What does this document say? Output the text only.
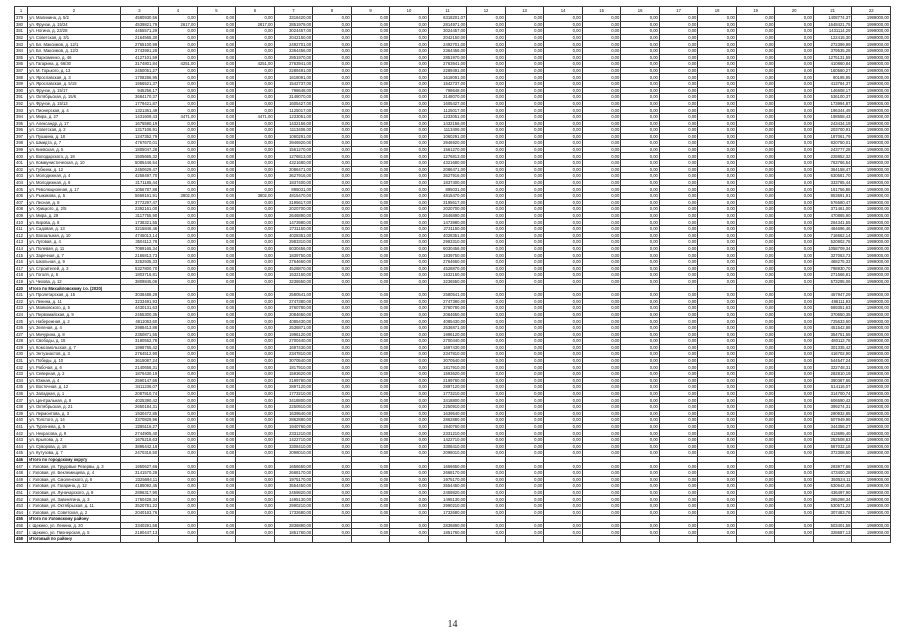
1	2	3	4	5	6	7	8	9	10	11	12	13	14	15	16	17	18	19	20	21	22
379	ул. Малинина, д. 5/2	4580930,56	0,00	0,00	0,00	3316420,00	0,00	0,00	0,00	6318201,07	0,00	0,00	0,00	0,00	0,00	0,00	0,00	0,00	0,00	1408774,37	1999000,00
380	ул. Фрунзе, д. 15/24	4539821,79	2617,00	0,00	2817,00	2851979,00	0,00	0,00	0,00	2814971,00	0,00	0,00	0,00	0,00	0,00	0,00	0,00	0,00	0,00	1648421,75	1999000,00
381	ул. Ногина, д. 23/28	4455571,29	0,00	0,00	0,00	3024457,00	0,00	0,00	0,00	3024457,00	0,00	0,00	0,00	0,00	0,00	0,00	0,00	0,00	0,00	1431114,29	1999000,00
382	ул. Советская, д. 3/1	2164565,30	0,00	0,00	0,00	2042150,00	0,00	0,00	0,00	2042150,00	0,00	0,00	0,00	0,00	0,00	0,00	0,00	0,00	0,00	122415,30	1999000,00
383	ул. Бл. Максимов, д. 12/1	2765100,99	0,00	0,00	0,00	2492701,00	0,00	0,00	0,00	2492701,00	0,00	0,00	0,00	0,00	0,00	0,00	0,00	0,00	0,00	272399,99	1999000,00
384	ул. Бл. Максимов, д. 12/2	2743991,28	0,00	0,00	0,00	2364456,00	0,00	0,00	0,00	2364456,00	0,00	0,00	0,00	0,00	0,00	0,00	0,00	0,00	0,00	379535,28	1999000,00
385	ул. Пархоменко, д. 46	4127101,59	0,00	0,00	0,00	2851970,00	0,00	0,00	0,00	2851970,00	0,00	0,00	0,00	0,00	0,00	0,00	0,00	0,00	0,00	1275131,59	1999000,00
386	ул. Гагарина, д. 66/30	3174801,84	4251,00	0,00	4251,00	2763941,00	0,00	0,00	0,00	2763941,00	0,00	0,00	0,00	0,00	0,00	0,00	0,00	0,00	0,00	410860,84	1999000,00
387	ул. М. Горького, д. 13	2450051,27	0,00	0,00	0,00	2289491,00	0,00	0,00	0,00	2289491,00	0,00	0,00	0,00	0,00	0,00	0,00	0,00	0,00	0,00	160560,27	1999000,00
388	ул. Ярославская, д. 3	1708286,95	0,00	0,00	0,00	1618091,00	0,00	0,00	0,00	1618091,00	0,00	0,00	0,00	0,00	0,00	0,00	0,00	0,00	0,00	90195,95	1999000,00
389	ул. Ярославская, д. 5/15	1956521,37	0,00	0,00	0,00	1542737,00	0,00	0,00	0,00	1542737,00	0,00	0,00	0,00	0,00	0,00	0,00	0,00	0,00	0,00	413784,37	1999000,00
390	ул. Фрунзе, д. 15/17	945256,17	0,00	0,00	0,00	798648,00	0,00	0,00	0,00	798648,00	0,00	0,00	0,00	0,00	0,00	0,00	0,00	0,00	0,00	146608,17	1999000,00
391	ул. Октябрьская, д. 15/6	3684170,37	0,00	0,00	0,00	3148070,00	0,00	0,00	0,00	3148070,00	0,00	0,00	0,00	0,00	0,00	0,00	0,00	0,00	0,00	536100,37	1999000,00
392	ул. Фрунзе, д. 15/13	1779421,87	0,00	0,00	0,00	1605427,00	0,00	0,00	0,00	1605427,00	0,00	0,00	0,00	0,00	0,00	0,00	0,00	0,00	0,00	173994,87	1999000,00
393	ул. Пионерская, д. 4	1321361,49	0,00	0,00	0,00	1125017,00	0,00	0,00	0,00	1125017,00	0,00	0,00	0,00	0,00	0,00	0,00	0,00	0,00	0,00	196344,49	1999000,00
394	ул. Мира, д. 27	1431609,43	4471,00	0,00	4471,00	1233051,00	0,00	0,00	0,00	1233051,00	0,00	0,00	0,00	0,00	0,00	0,00	0,00	0,00	0,00	198558,43	1999000,00
395	ул. Александр, д. 17	1675590,19	0,00	0,00	0,00	1432156,00	0,00	0,00	0,00	1432156,00	0,00	0,00	0,00	0,00	0,00	0,00	0,00	0,00	0,00	243434,19	1999000,00
396	ул. Советская, д. 2	1317106,91	0,00	0,00	0,00	1113406,00	0,00	0,00	0,00	1113406,00	0,00	0,00	0,00	0,00	0,00	0,00	0,00	0,00	0,00	203700,91	1999000,00
397	ул. Пушкина, д. 18	1247352,79	0,00	0,00	0,00	1060291,00	0,00	0,00	0,00	1060291,00	0,00	0,00	0,00	0,00	0,00	0,00	0,00	0,00	0,00	187061,79	1999000,00
398	ул. Шмидта, д. 7	4767670,01	0,00	0,00	0,00	3946920,00	0,00	0,00	0,00	3946920,00	0,00	0,00	0,00	0,00	0,00	0,00	0,00	0,00	0,00	820750,01	1999000,00
399	ул. Киевская, д. 5	1805047,28	0,00	0,00	0,00	1561270,00	0,00	0,00	0,00	1561270,00	0,00	0,00	0,00	0,00	0,00	0,00	0,00	0,00	0,00	243777,28	1999000,00
400	ул. Володарского, д. 18	1505665,32	0,00	0,00	0,00	1276813,00	0,00	0,00	0,00	1276813,00	0,00	0,00	0,00	0,00	0,00	0,00	0,00	0,00	0,00	228852,32	1999000,00
401	ул. Коммунистическая, д. 10	5085446,54	0,00	0,00	0,00	4321680,00	0,00	0,00	0,00	4321680,00	0,00	0,00	0,00	0,00	0,00	0,00	0,00	0,00	0,00	763766,54	1999000,00
402	ул. Губкина, д. 12	2450629,47	0,00	0,00	0,00	2086471,00	0,00	0,00	0,00	2086471,00	0,00	0,00	0,00	0,00	0,00	0,00	0,00	0,00	0,00	364158,47	1999000,00
403	ул. Молодежная, д. 4	4258497,70	0,00	0,00	0,00	3627916,00	0,00	0,00	0,00	3627916,00	0,00	0,00	0,00	0,00	0,00	0,00	0,00	0,00	0,00	630581,70	1999000,00
404	ул. Молодежная, д. 6	2171185,44	0,00	0,00	0,00	1837400,00	0,00	0,00	0,00	1837400,00	0,00	0,00	0,00	0,00	0,00	0,00	0,00	0,00	0,00	333785,44	1999000,00
405	ул. Революционная, д. 17	1056787,88	0,00	0,00	0,00	895031,00	0,00	0,00	0,00	895031,00	0,00	0,00	0,00	0,00	0,00	0,00	0,00	0,00	0,00	161756,88	1999000,00
406	ул. Рыжикова, д. 5	5669161,91	3802,00	0,00	3802,00	4815470,00	0,00	0,00	0,00	4815470,00	0,00	0,00	0,00	0,00	0,00	0,00	0,00	0,00	0,00	853691,91	1999000,00
407	ул. Лесная, д. 8	3772297,47	0,00	0,00	0,00	3195617,00	0,00	0,00	0,00	3195617,00	0,00	0,00	0,00	0,00	0,00	0,00	0,00	0,00	0,00	576680,47	1999000,00
408	ул. Урицкого, д. 2/5	2392161,00	0,00	0,00	0,00	2020700,00	0,00	0,00	0,00	2020700,00	0,00	0,00	0,00	0,00	0,00	0,00	0,00	0,00	0,00	371461,00	1999000,00
409	ул. Мира, д. 29	3117755,90	0,00	0,00	0,00	2646890,00	0,00	0,00	0,00	2646890,00	0,00	0,00	0,00	0,00	0,00	0,00	0,00	0,00	0,00	470865,90	1999000,00
410	ул. Кирова, д. 8	1738321,55	0,00	0,00	0,00	1473980,00	0,00	0,00	0,00	1473980,00	0,00	0,00	0,00	0,00	0,00	0,00	0,00	0,00	0,00	264341,55	1999000,00
411	ул. Садовая, д. 13	3215846,46	0,00	0,00	0,00	2731150,00	0,00	0,00	0,00	2731150,00	0,00	0,00	0,00	0,00	0,00	0,00	0,00	0,00	0,00	484696,46	1999000,00
412	ул. Вокзальная, д. 10	4745013,14	0,00	0,00	0,00	4028351,00	0,00	0,00	0,00	4028351,00	0,00	0,00	0,00	0,00	0,00	0,00	0,00	0,00	0,00	716662,14	1999000,00
413	ул. Луговая, д. 4	3504112,78	0,00	0,00	0,00	2983310,00	0,00	0,00	0,00	2983310,00	0,00	0,00	0,00	0,00	0,00	0,00	0,00	0,00	0,00	520802,78	1999000,00
414	ул. Полевая, д. 11	7089165,34	0,00	0,00	0,00	6030456,00	0,00	0,00	0,00	6030456,00	0,00	0,00	0,00	0,00	0,00	0,00	0,00	0,00	0,00	1058709,34	1999000,00
415	ул. Заречная, д. 7	2166813,73	0,00	0,00	0,00	1839750,00	0,00	0,00	0,00	1839750,00	0,00	0,00	0,00	0,00	0,00	0,00	0,00	0,00	0,00	327063,73	1999000,00
416	ул. Школьная, д. 9	3252935,33	0,00	0,00	0,00	2764660,00	0,00	0,00	0,00	2764660,00	0,00	0,00	0,00	0,00	0,00	0,00	0,00	0,00	0,00	488275,33	1999000,00
417	ул. Строителей, д. 3	5327800,70	0,00	0,00	0,00	4528870,00	0,00	0,00	0,00	4528870,00	0,00	0,00	0,00	0,00	0,00	0,00	0,00	0,00	0,00	798930,70	1999000,00
418	ул. Гоголя, д. 6	1803716,81	0,00	0,00	0,00	1532150,00	0,00	0,00	0,00	1532150,00	0,00	0,00	0,00	0,00	0,00	0,00	0,00	0,00	0,00	271566,81	1999000,00
419	ул. Чехова, д. 12	3809845,06	0,00	0,00	0,00	3236550,00	0,00	0,00	0,00	3236550,00	0,00	0,00	0,00	0,00	0,00	0,00	0,00	0,00	0,00	573295,06	1999000,00
420	Итого по Михайловскому г.о. (2020)																				
421	ул. Пролетарская, д. 15	3038488,29	0,00	0,00	0,00	2580541,00	0,00	0,00	0,00	2580541,00	0,00	0,00	0,00	0,00	0,00	0,00	0,00	0,00	0,00	457947,29	1999000,00
422	ул. Ленина, д. 11	3233491,93	0,00	0,00	0,00	2747380,00	0,00	0,00	0,00	2747380,00	0,00	0,00	0,00	0,00	0,00	0,00	0,00	0,00	0,00	486111,93	1999000,00
423	ул. Маяковского, д. 5	4430131,63	0,00	0,00	0,00	3760780,00	0,00	0,00	0,00	3760780,00	0,00	0,00	0,00	0,00	0,00	0,00	0,00	0,00	0,00	669351,63	1999000,00
424	ул. Первомайская, д. 9	2455300,35	0,00	0,00	0,00	2084650,00	0,00	0,00	0,00	2084650,00	0,00	0,00	0,00	0,00	0,00	0,00	0,00	0,00	0,00	370650,35	1999000,00
425	ул. Набережная, д. 2	4811063,60	0,00	0,00	0,00	4085430,00	0,00	0,00	0,00	4085430,00	0,00	0,00	0,00	0,00	0,00	0,00	0,00	0,00	0,00	725633,60	1999000,00
426	ул. Зеленая, д. 4	2988413,88	0,00	0,00	0,00	2536871,00	0,00	0,00	0,00	2536871,00	0,00	0,00	0,00	0,00	0,00	0,00	0,00	0,00	0,00	451542,88	1999000,00
427	ул. Мичурина, д. 8	2350871,55	0,00	0,00	0,00	1996120,00	0,00	0,00	0,00	1996120,00	0,00	0,00	0,00	0,00	0,00	0,00	0,00	0,00	0,00	354751,55	1999000,00
428	ул. Свободы, д. 15	3180552,78	0,00	0,00	0,00	2700440,00	0,00	0,00	0,00	2700440,00	0,00	0,00	0,00	0,00	0,00	0,00	0,00	0,00	0,00	480112,78	1999000,00
429	ул. Комсомольская, д. 7	1998765,42	0,00	0,00	0,00	1697430,00	0,00	0,00	0,00	1697430,00	0,00	0,00	0,00	0,00	0,00	0,00	0,00	0,00	0,00	301335,42	1999000,00
430	ул. Энтузиастов, д. 3	2764512,90	0,00	0,00	0,00	2347810,00	0,00	0,00	0,00	2347810,00	0,00	0,00	0,00	0,00	0,00	0,00	0,00	0,00	0,00	416702,90	1999000,00
431	ул. Победы, д. 10	3615087,24	0,00	0,00	0,00	3070540,00	0,00	0,00	0,00	3070540,00	0,00	0,00	0,00	0,00	0,00	0,00	0,00	0,00	0,00	544547,24	1999000,00
432	ул. Рабочая, д. 6	2140658,31	0,00	0,00	0,00	1817910,00	0,00	0,00	0,00	1817910,00	0,00	0,00	0,00	0,00	0,00	0,00	0,00	0,00	0,00	322748,31	1999000,00
433	ул. Северная, д. 2	1876430,19	0,00	0,00	0,00	1593620,00	0,00	0,00	0,00	1593620,00	0,00	0,00	0,00	0,00	0,00	0,00	0,00	0,00	0,00	282810,19	1999000,00
434	ул. Южная, д. 4	2590147,66	0,00	0,00	0,00	2199760,00	0,00	0,00	0,00	2199760,00	0,00	0,00	0,00	0,00	0,00	0,00	0,00	0,00	0,00	390387,66	1999000,00
435	ул. Восточная, д. 12	3411236,07	0,00	0,00	0,00	2897120,00	0,00	0,00	0,00	2897120,00	0,00	0,00	0,00	0,00	0,00	0,00	0,00	0,00	0,00	514116,07	1999000,00
436	ул. Западная, д. 1	2087910,74	0,00	0,00	0,00	1773210,00	0,00	0,00	0,00	1773210,00	0,00	0,00	0,00	0,00	0,00	0,00	0,00	0,00	0,00	314700,74	1999000,00
437	ул. Центральная, д. 8	4025390,42	0,00	0,00	0,00	3418800,00	0,00	0,00	0,00	3418800,00	0,00	0,00	0,00	0,00	0,00	0,00	0,00	0,00	0,00	606590,42	1999000,00
438	ул. Октябрьская, д. 21	2650184,31	0,00	0,00	0,00	2250910,00	0,00	0,00	0,00	2250910,00	0,00	0,00	0,00	0,00	0,00	0,00	0,00	0,00	0,00	399274,31	1999000,00
439	ул. Лермонтова, д. 3	1930472,85	0,00	0,00	0,00	1639540,00	0,00	0,00	0,00	1639540,00	0,00	0,00	0,00	0,00	0,00	0,00	0,00	0,00	0,00	290932,85	1999000,00
440	ул. Толстого, д. 14	3370829,96	0,00	0,00	0,00	2862880,00	0,00	0,00	0,00	2862880,00	0,00	0,00	0,00	0,00	0,00	0,00	0,00	0,00	0,00	507949,96	1999000,00
441	ул. Тургенева, д. 5	2285116,27	0,00	0,00	0,00	1940760,00	0,00	0,00	0,00	1940760,00	0,00	0,00	0,00	0,00	0,00	0,00	0,00	0,00	0,00	344356,27	1999000,00
442	ул. Некрасова, д. 9	2744905,40	0,00	0,00	0,00	2331210,00	0,00	0,00	0,00	2331210,00	0,00	0,00	0,00	0,00	0,00	0,00	0,00	0,00	0,00	413695,40	1999000,00
443	ул. Крылова, д. 2	1675218,63	0,00	0,00	0,00	1422710,00	0,00	0,00	0,00	1422710,00	0,00	0,00	0,00	0,00	0,00	0,00	0,00	0,00	0,00	252508,63	1999000,00
444	ул. Суворова, д. 16	3895442,18	0,00	0,00	0,00	3308410,00	0,00	0,00	0,00	3308410,00	0,00	0,00	0,00	0,00	0,00	0,00	0,00	0,00	0,00	587032,18	1999000,00
445	ул. Кутузова, д. 7	2470318,50	0,00	0,00	0,00	2098010,00	0,00	0,00	0,00	2098010,00	0,00	0,00	0,00	0,00	0,00	0,00	0,00	0,00	0,00	372308,50	1999000,00
446	Итого по городскому округу																				
447	г. Узловая, ул. Трудовые Резервы, д. 3	1950627,66	0,00	0,00	0,00	1656650,00	0,00	0,00	0,00	1656650,00	0,00	0,00	0,00	0,00	0,00	0,00	0,00	0,00	0,00	293977,66	1999000,00
448	г. Узловая, ул. Беклемищева, д. 4	3141570,28	0,00	0,00	0,00	2668170,00	0,00	0,00	0,00	2668170,00	0,00	0,00	0,00	0,00	0,00	0,00	0,00	0,00	0,00	473400,28	1999000,00
449	г. Узловая, ул. Смоленского, д. 6	2325694,11	0,00	0,00	0,00	1975170,00	0,00	0,00	0,00	1975170,00	0,00	0,00	0,00	0,00	0,00	0,00	0,00	0,00	0,00	350524,11	1999000,00
450	г. Узловая, ул. Гагарина, д. 12	4185092,45	0,00	0,00	0,00	3554450,00	0,00	0,00	0,00	3554450,00	0,00	0,00	0,00	0,00	0,00	0,00	0,00	0,00	0,00	630642,45	1999000,00
451	г. Узловая, ул. Луначарского, д. 8	2896317,90	0,00	0,00	0,00	2459820,00	0,00	0,00	0,00	2459820,00	0,00	0,00	0,00	0,00	0,00	0,00	0,00	0,00	0,00	436497,90	1999000,00
452	г. Узловая, ул. Завенягина, д. 3	1760428,34	0,00	0,00	0,00	1495130,00	0,00	0,00	0,00	1495130,00	0,00	0,00	0,00	0,00	0,00	0,00	0,00	0,00	0,00	265298,34	1999000,00
453	г. Узловая, ул. Октябрьская, д. 11	3520781,22	0,00	0,00	0,00	2990210,00	0,00	0,00	0,00	2990210,00	0,00	0,00	0,00	0,00	0,00	0,00	0,00	0,00	0,00	530571,22	1999000,00
454	г. Узловая, ул. Советская, д. 2	2040163,76	0,00	0,00	0,00	1732680,00	0,00	0,00	0,00	1732680,00	0,00	0,00	0,00	0,00	0,00	0,00	0,00	0,00	0,00	307483,76	1999000,00
455	Итого по Узловскому району																				
456	г. Щекино, ул. Ленина, д. 20	3340291,58	0,00	0,00	0,00	2836890,00	0,00	0,00	0,00	2836890,00	0,00	0,00	0,00	0,00	0,00	0,00	0,00	0,00	0,00	503401,58	1999000,00
457	г. Щекино, ул. Пионерская, д. 5	2180447,13	0,00	0,00	0,00	1851760,00	0,00	0,00	0,00	1851760,00	0,00	0,00	0,00	0,00	0,00	0,00	0,00	0,00	0,00	328687,13	1999000,00
458	Итоговый по району																				
14
